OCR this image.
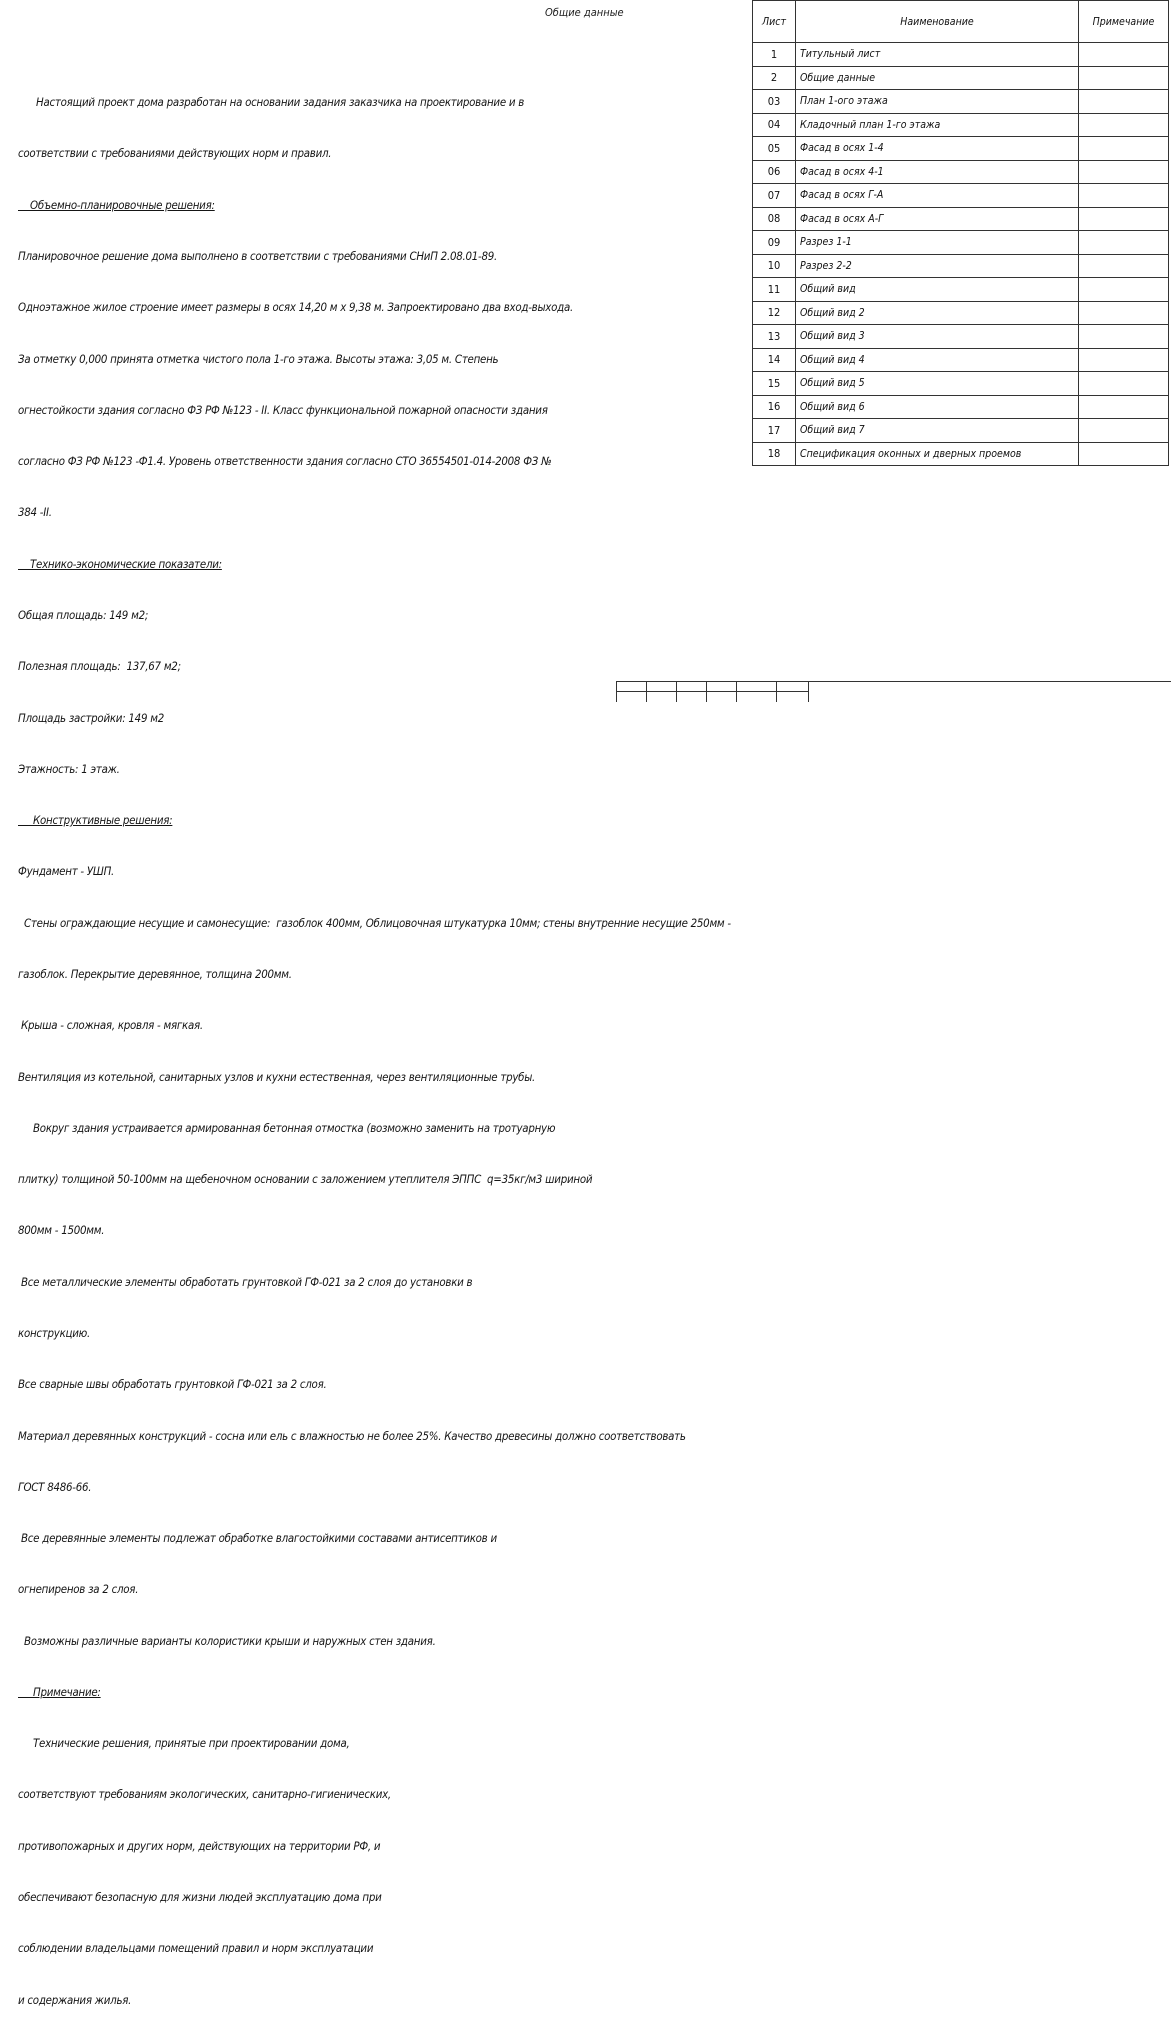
Общие данные

Настоящий проект дома разработан на основании задания заказчика на проектирование и в

соответствии с требованиями действующих норм и правил.

Объемно-планировочные решения:

Планировочное решение дома выполнено в соответствии с требованиями СНиП 2.08.01-89.

Одноэтажное жилое строение имеет размеры в осях 14,20 м х 9,38 м. Запроектировано два вход-выхода.

За отметку 0,000 принята отметка чистого пола 1-го этажа. Высоты этажа: 3,05 м. Степень

огнестойкости здания согласно ФЗ РФ №123 - II. Класс функциональной пожарной опасности здания

согласно ФЗ РФ №123 -Ф1.4. Уровень ответственности здания согласно СТО 36554501-014-2008 ФЗ №

384 -II.

Технико-экономические показатели:

Общая площадь: 149 м2;

Полезная площадь:  137,67 м2;

Площадь застройки: 149 м2

Этажность: 1 этаж.

Конструктивные решения:

Фундамент - УШП.

Стены ограждающие несущие и самонесущие:  газоблок 400мм, Облицовочная штукатурка 10мм; стены внутренние несущие 250мм -

газоблок. Перекрытие деревянное, толщина 200мм.

Крыша - сложная, кровля - мягкая.

Вентиляция из котельной, санитарных узлов и кухни естественная, через вентиляционные трубы.

Вокруг здания устраивается армированная бетонная отмостка (возможно заменить на тротуарную

плитку) толщиной 50-100мм на щебеночном основании с заложением утеплителя ЭППС  q=35кг/м3 шириной

800мм - 1500мм.

Все металлические элементы обработать грунтовкой ГФ-021 за 2 слоя до установки в

конструкцию.

Все сварные швы обработать грунтовкой ГФ-021 за 2 слоя.

Материал деревянных конструкций - сосна или ель с влажностью не более 25%. Качество древесины должно соответствовать

ГОСТ 8486-66.

Все деревянные элементы подлежат обработке влагостойкими составами антисептиков и

огнепиренов за 2 слоя.

Возможны различные варианты колористики крыши и наружных стен здания.

Примечание:

Технические решения, принятые при проектировании дома,

соответствуют требованиям экологических, санитарно-гигиенических,

противопожарных и других норм, действующих на территории РФ, и

обеспечивают безопасную для жизни людей эксплуатацию дома при

соблюдении владельцами помещений правил и норм эксплуатации

и содержания жилья.

Лист	Наименование	Примечание
1	Титульный лист	
2	Общие данные	
03	План 1-ого этажа	
04	Кладочный план 1-го этажа	
05	Фасад в осях 1-4	
06	Фасад в осях 4-1	
07	Фасад в осях Г-А	
08	Фасад в осях А-Г	
09	Разрез 1-1	
10	Разрез 2-2	
11	Общий вид	
12	Общий вид 2	
13	Общий вид 3	
14	Общий вид 4	
15	Общий вид 5	
16	Общий вид 6	
17	Общий вид 7	
18	Спецификация оконных и дверных проемов	
